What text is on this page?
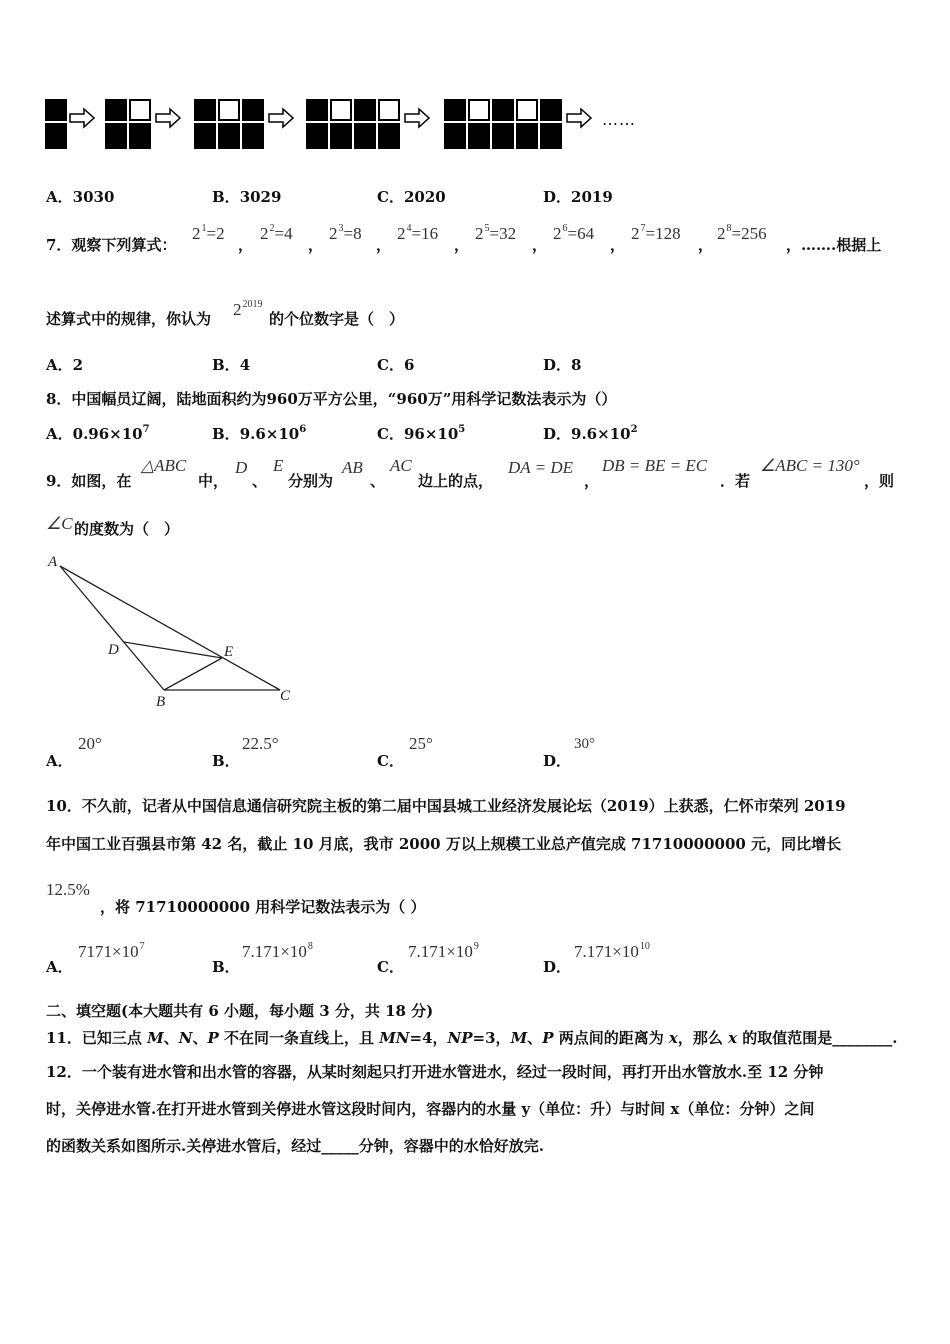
……
A．3030	B．3029	C．2020	D．2019
7．观察下列算式：
$2^1=2$
，
$2^2=4$
，
$2^3=8$
，
$2^4=16$
，
$2^5=32$
，
$2^6=64$
，
$2^7=128$
，
$2^8=256$
，…….根据上
述算式中的规律，你认为 $2^{2019}$
的个位数字是（　）
A．2	B．4	C．6	D．8
8．中国幅员辽阔，陆地面积约为960万平方公里，“960万”用科学记数法表示为（）
A．$0.96\times 10^7$	B．$9.6\times 10^6$	C．$96\times 10^5$	D．$9.6\times 10^2$
9．如图，在
△ABC
中，
D
、
E
分别为
AB
、
AC
边上的点，
DA = DE
，
DB = BE = EC
．若
∠ABC = 130°
，则
∠C 的度数为（　）
A
D	E
B	C
A．
20°
B．
22.5°
C．
25°
D．
30°
10．不久前，记者从中国信息通信研究院主板的第二届中国县城工业经济发展论坛（2019）上获悉，仁怀市荣列 2019
年中国工业百强县市第 42 名，截止 10 月底，我市 2000 万以上规模工业总产值完成 71710000000 元，同比增长
12.5%
，将 71710000000 用科学记数法表示为（ ）
A．
$7171\times 10^7$
B．
$7.171\times 10^8$
C．
$7.171\times 10^9$
D．
$7.171\times 10^{10}$
二、填空题(本大题共有 6 小题，每小题 3 分，共 18 分)
11．已知三点 M、N、P 不在同一条直线上，且 MN=4，NP=3，M、P 两点间的距离为 x，那么 x 的取值范围是________.
12．一个装有进水管和出水管的容器，从某时刻起只打开进水管进水，经过一段时间，再打开出水管放水.至 12 分钟
时，关停进水管.在打开进水管到关停进水管这段时间内，容器内的水量 y（单位：升）与时间 x（单位：分钟）之间
的函数关系如图所示.关停进水管后，经过_____分钟，容器中的水恰好放完.
